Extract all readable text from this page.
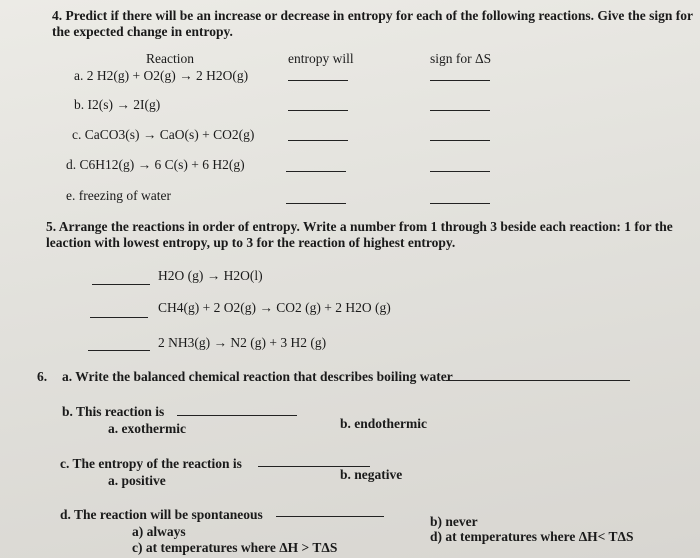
4. Predict if there will be an increase or decrease in entropy for each of the following reactions. Give the sign for
the expected change in entropy.
Reaction	entropy will	sign for ΔS
a. 2 H2(g) + O2(g) → 2 H2O(g)
b. I2(s) → 2I(g)
c. CaCO3(s) → CaO(s) + CO2(g)
d. C6H12(g) → 6 C(s) + 6 H2(g)
e. freezing of water
5. Arrange the reactions in order of entropy. Write a number from 1 through 3 beside each reaction: 1 for the
leaction with lowest entropy, up to 3 for the reaction of highest entropy.
H2O (g) → H2O(l)
CH4(g) + 2 O2(g) → CO2 (g) + 2 H2O (g)
2 NH3(g) → N2 (g) + 3 H2 (g)
6. a. Write the balanced chemical reaction that describes boiling water
b. This reaction is
a. exothermic	b. endothermic
c. The entropy of the reaction is
a. positive	b. negative
d. The reaction will be spontaneous
a) always
b) never
c) at temperatures where ΔH > TΔS
d) at temperatures where ΔH< TΔS
